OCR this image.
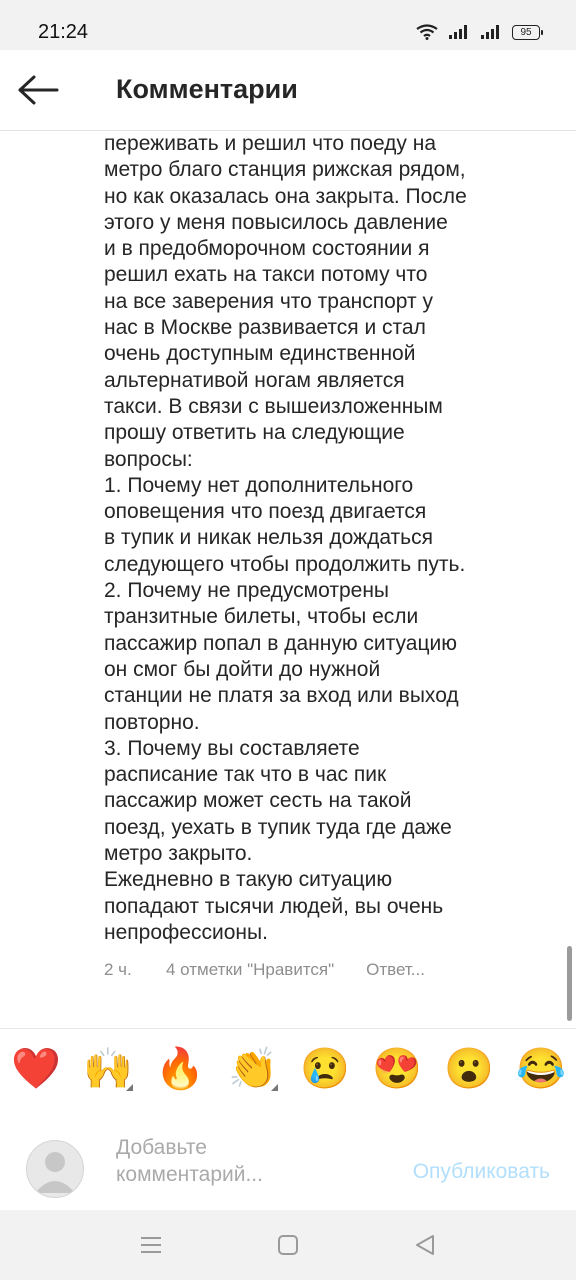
21:24	95
Комментарии
переживать и решил что поеду на
метро благо станция рижская рядом,
но как оказалась она закрыта. После
этого у меня повысилось давление
и в предобморочном состоянии я
решил ехать на такси потому что
на все заверения что транспорт у
нас в Москве развивается и стал
очень доступным единственной
альтернативой ногам является
такси. В связи с вышеизложенным
прошу ответить на следующие
вопросы:
1. Почему нет дополнительного
оповещения что поезд двигается
в тупик и никак нельзя дождаться
следующего чтобы продолжить путь.
2. Почему не предусмотрены
транзитные билеты, чтобы если
пассажир попал в данную ситуацию
он смог бы дойти до нужной
станции не платя за вход или выход
повторно.
3. Почему вы составляете
расписание так что в час пик
пассажир может сесть на такой
поезд, уехать в тупик туда где даже
метро закрыто.
Ежедневно в такую ситуацию
попадают тысячи людей, вы очень
непрофессионы.
2 ч.	4 отметки "Нравится" Ответ...
❤️ 🙌 🔥 👏 😢 😍 😮 😂
Добавьте
комментарий...	Опубликовать
